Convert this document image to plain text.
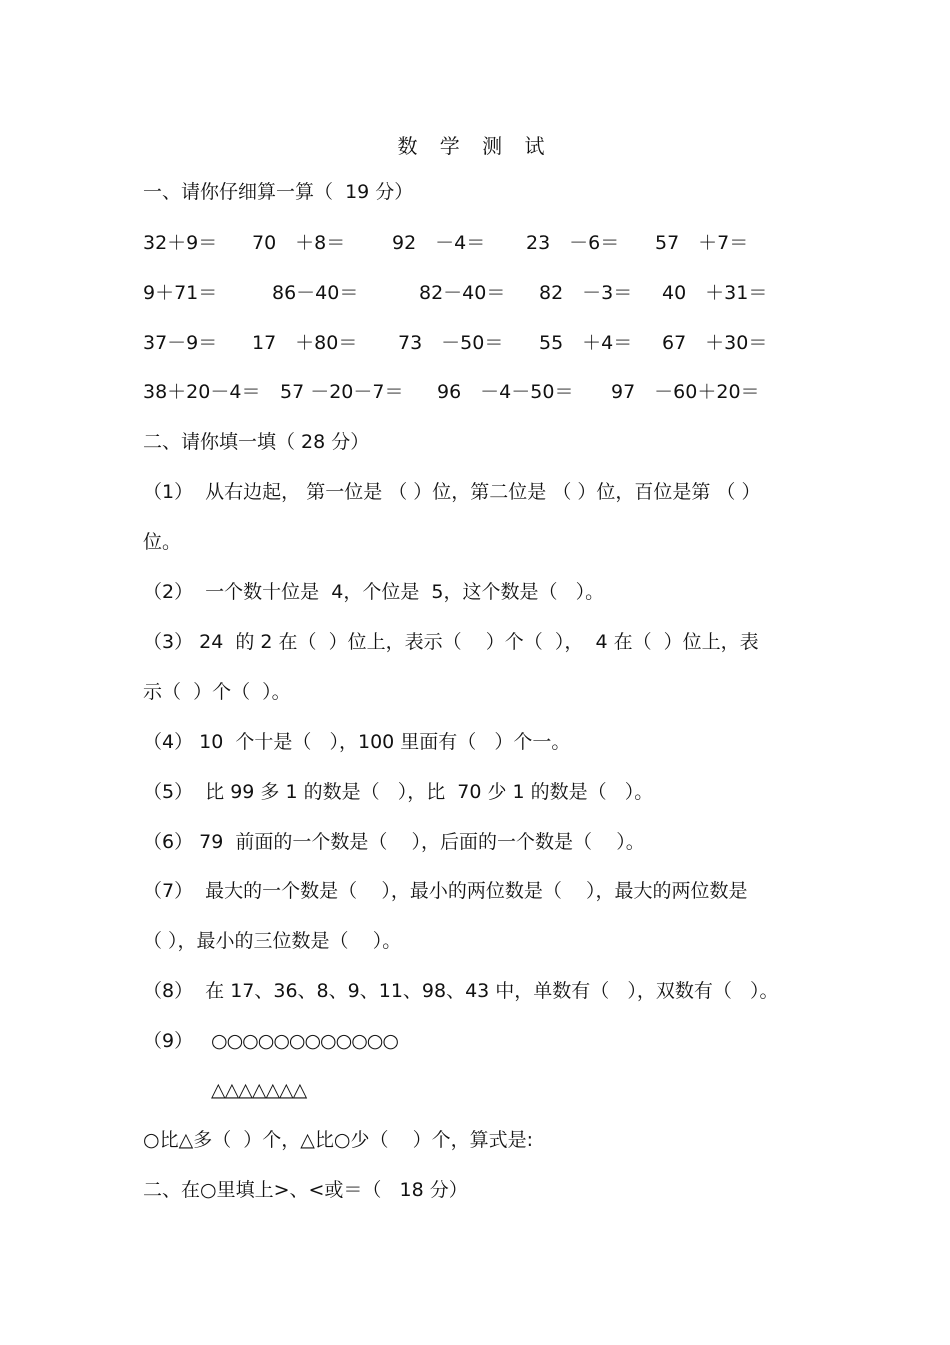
数 学 测 试
一、请你仔细算一算（  19 分）
32＋9＝ 70　＋8＝ 92　－4＝ 23　－6＝ 57　＋7＝
9＋71＝	86－40＝	82－40＝ 82　－3＝ 40　＋31＝
37－9＝ 17　＋80＝ 73　－50＝ 55　＋4＝ 67　＋30＝
38＋20－4＝ 57 －20－7＝ 96　－4－50＝ 97　－60＋20＝
二、请你填一填（ 28 分）
（1）  从右边起， 第一位是 （ ）位，第二位是 （ ）位，百位是第 （ ）
位。
（2）  一个数十位是  4，个位是  5，这个数是（   ）。
（3） 24  的 2 在（  ）位上，表示（    ）个（  ），  4 在（  ）位上，表
示（  ）个（  ）。
（4） 10  个十是（   ），100 里面有（   ）个一。
（5）  比 99 多 1 的数是（   ），比  70 少 1 的数是（   ）。
（6） 79  前面的一个数是（    ），后面的一个数是（    ）。
（7）  最大的一个数是（    ），最小的两位数是（    ），最大的两位数是
（ ），最小的三位数是（    ）。
（8）  在 17、36、8、9、11、98、43 中，单数有（   ），双数有（   ）。
（9） ○○○○○○○○○○○○
△△△△△△△
○比△多（  ）个，△比○少（    ）个，算式是:
二、在○里填上>、<或＝（   18 分）
